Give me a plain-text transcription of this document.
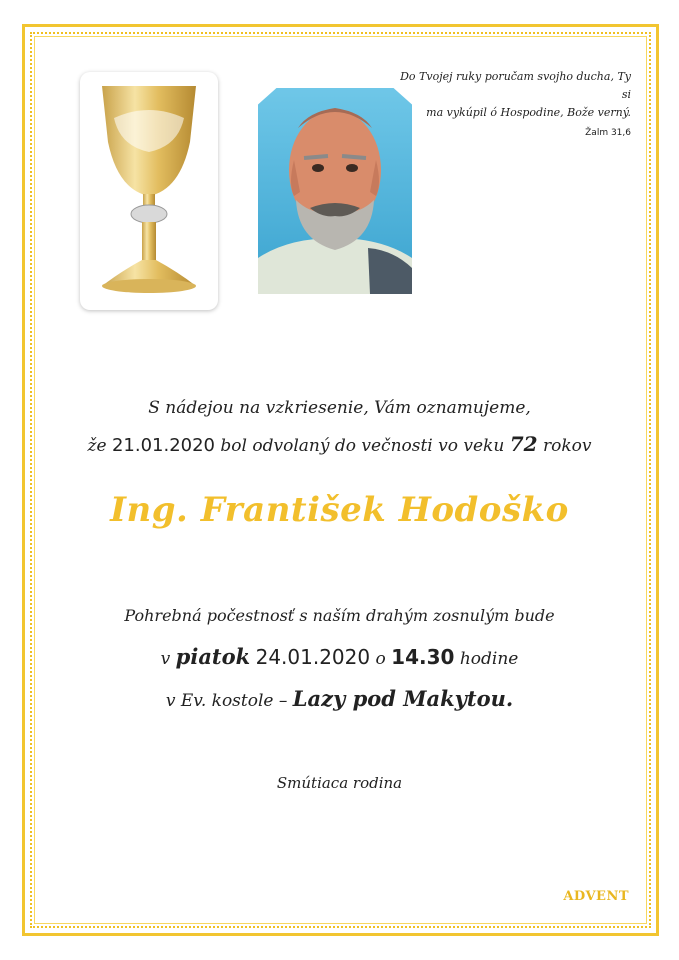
Do Tvojej ruky poručam svojho ducha, Ty si
ma vykúpil ó Hospodine, Bože verný.
Žalm 31,6
S nádejou na vzkriesenie, Vám oznamujeme,
že 21.01.2020 bol odvolaný do večnosti vo veku 72 rokov
Ing. František Hodoško
Pohrebná počestnosť s naším drahým zosnulým bude
v piatok 24.01.2020 o 14.30 hodine
v Ev. kostole – Lazy pod Makytou.
Smútiaca rodina
ADVENT
